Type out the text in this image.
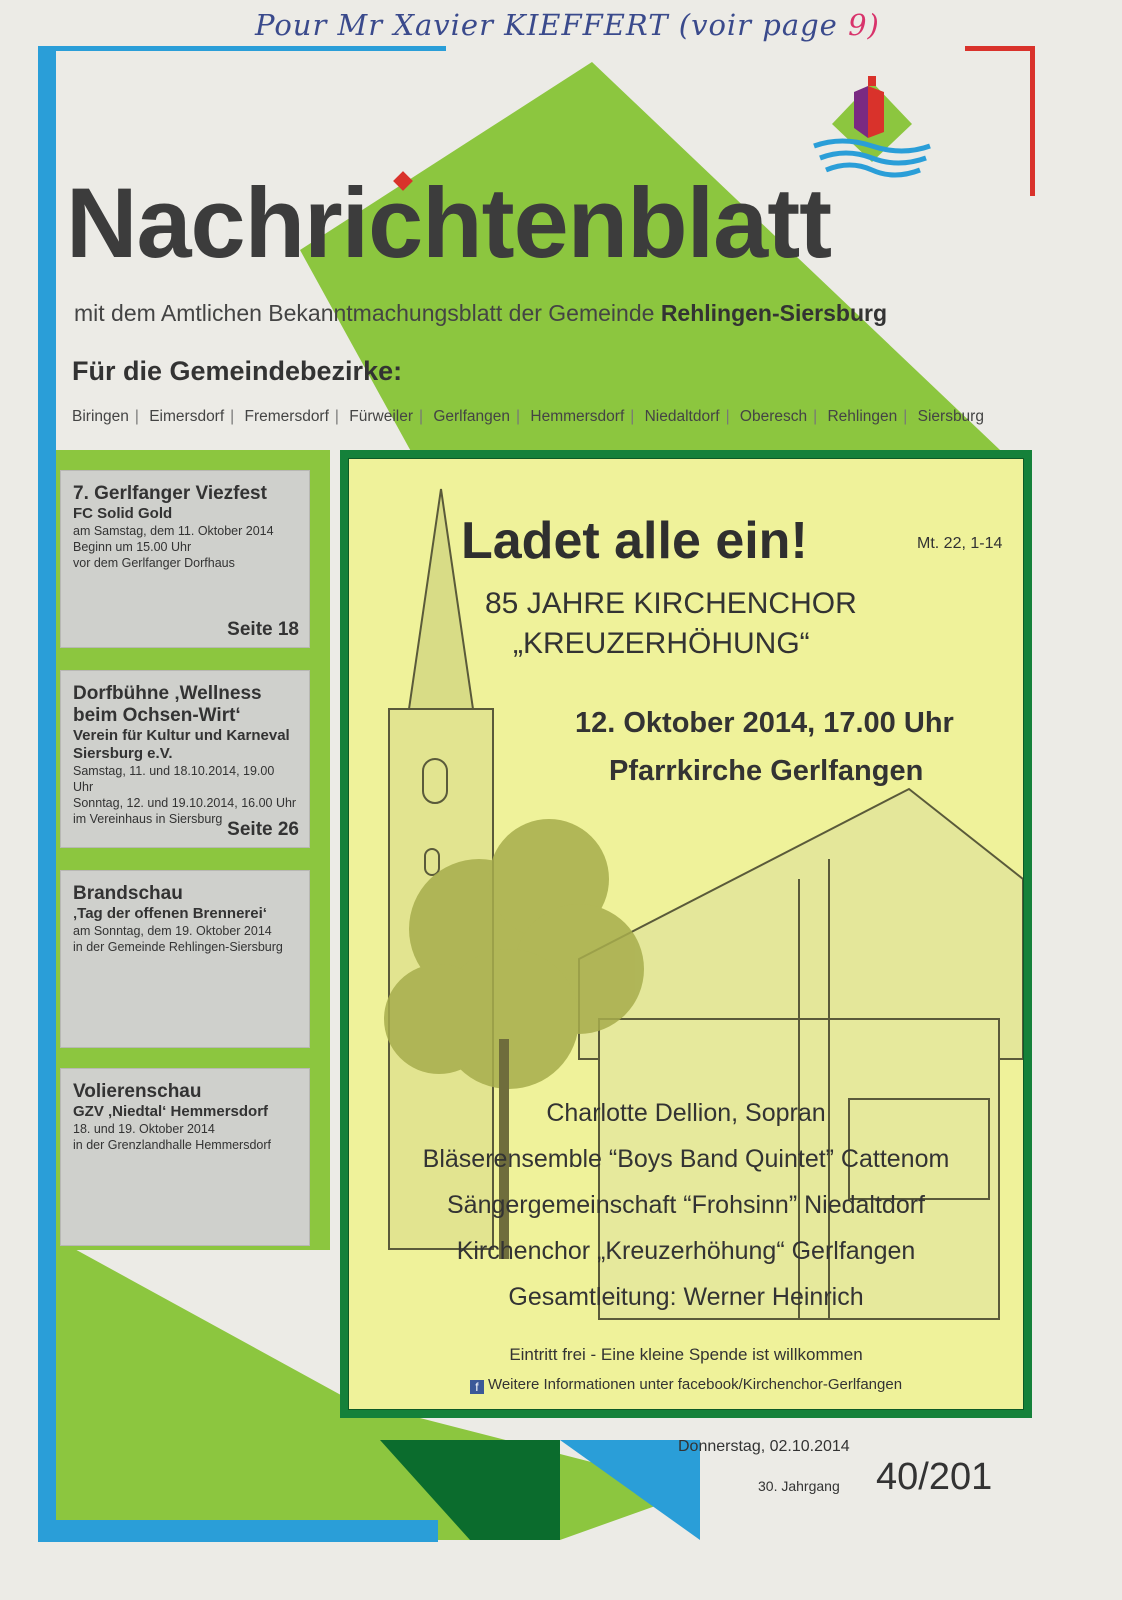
Pour Mr Xavier KIEFFERT (voir page 9)
Nachrichtenblatt
mit dem Amtlichen Bekanntmachungsblatt der Gemeinde Rehlingen-Siersburg
Für die Gemeindebezirke:
Biringen | Eimersdorf | Fremersdorf | Fürweiler | Gerlfangen | Hemmersdorf | Niedaltdorf | Oberesch | Rehlingen | Siersburg
7. Gerlfanger Viezfest
FC Solid Gold
am Samstag, dem 11. Oktober 2014
Beginn um 15.00 Uhr
vor dem Gerlfanger Dorfhaus
Seite 18
Dorfbühne ‚Wellness beim Ochsen-Wirt‘
Verein für Kultur und Karneval Siersburg e.V.
Samstag, 11. und 18.10.2014, 19.00 Uhr
Sonntag, 12. und 19.10.2014, 16.00 Uhr
im Vereinhaus in Siersburg Seite 26
Brandschau
‚Tag der offenen Brennerei‘
am Sonntag, dem 19. Oktober 2014
in der Gemeinde Rehlingen-Siersburg
Volierenschau
GZV ‚Niedtal‘ Hemmersdorf
18. und 19. Oktober 2014
in der Grenzlandhalle Hemmersdorf
Ladet alle ein!	Mt. 22, 1-14
85 JAHRE KIRCHENCHOR
„KREUZERHÖHUNG“
12. Oktober 2014, 17.00 Uhr
Pfarrkirche Gerlfangen
Charlotte Dellion, Sopran
Bläserensemble “Boys Band Quintet” Cattenom
Sängergemeinschaft “Frohsinn” Niedaltdorf
Kirchenchor „Kreuzerhöhung“ Gerlfangen
Gesamtleitung: Werner Heinrich
Eintritt frei - Eine kleine Spende ist willkommen
f Weitere Informationen unter facebook/Kirchenchor-Gerlfangen
Donnerstag, 02.10.2014
30. Jahrgang 40/201
